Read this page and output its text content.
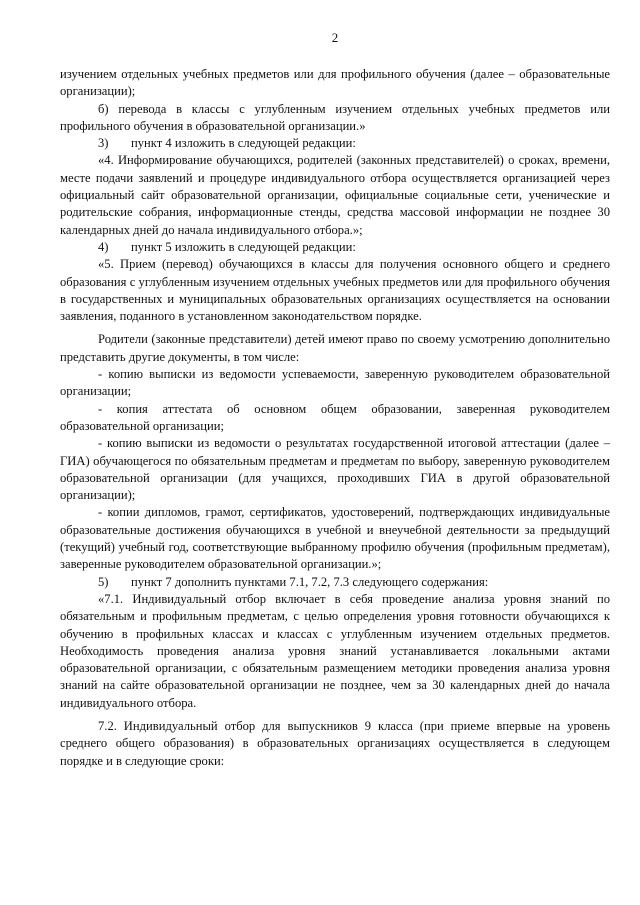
2

изучением отдельных учебных предметов или для профильного обучения (далее – образовательные организации);

б) перевода в классы с углубленным изучением отдельных учебных предметов или профильного обучения в образовательной организации.»

3) пункт 4 изложить в следующей редакции:

«4. Информирование обучающихся, родителей (законных представителей) о сроках, времени, месте подачи заявлений и процедуре индивидуального отбора осуществляется организацией через официальный сайт образовательной организации, официальные социальные сети, ученические и родительские собрания, информационные стенды, средства массовой информации не позднее 30 календарных дней до начала индивидуального отбора.»;

4) пункт 5 изложить в следующей редакции:

«5. Прием (перевод) обучающихся в классы для получения основного общего и среднего образования с углубленным изучением отдельных учебных предметов или для профильного обучения в государственных и муниципальных образовательных организациях осуществляется на основании заявления, поданного в установленном законодательством порядке.

Родители (законные представители) детей имеют право по своему усмотрению дополнительно представить другие документы, в том числе:

- копию выписки из ведомости успеваемости, заверенную руководителем образовательной организации;

- копия аттестата об основном общем образовании, заверенная руководителем образовательной организации;

- копию выписки из ведомости о результатах государственной итоговой аттестации (далее – ГИА) обучающегося по обязательным предметам и предметам по выбору, заверенную руководителем образовательной организации (для учащихся, проходивших ГИА в другой образовательной организации);

- копии дипломов, грамот, сертификатов, удостоверений, подтверждающих индивидуальные образовательные достижения обучающихся в учебной и внеучебной деятельности за предыдущий (текущий) учебный год, соответствующие выбранному профилю обучения (профильным предметам), заверенные руководителем образовательной организации.»;

5) пункт 7 дополнить пунктами 7.1, 7.2, 7.3 следующего содержания:

«7.1. Индивидуальный отбор включает в себя проведение анализа уровня знаний по обязательным и профильным предметам, с целью определения уровня готовности обучающихся к обучению в профильных классах и классах с углубленным изучением отдельных предметов. Необходимость проведения анализа уровня знаний устанавливается локальными актами образовательной организации, с обязательным размещением методики проведения анализа уровня знаний на сайте образовательной организации не позднее, чем за 30 календарных дней до начала индивидуального отбора.

7.2. Индивидуальный отбор для выпускников 9 класса (при приеме впервые на уровень среднего общего образования) в образовательных организациях осуществляется в следующем порядке и в следующие сроки:
